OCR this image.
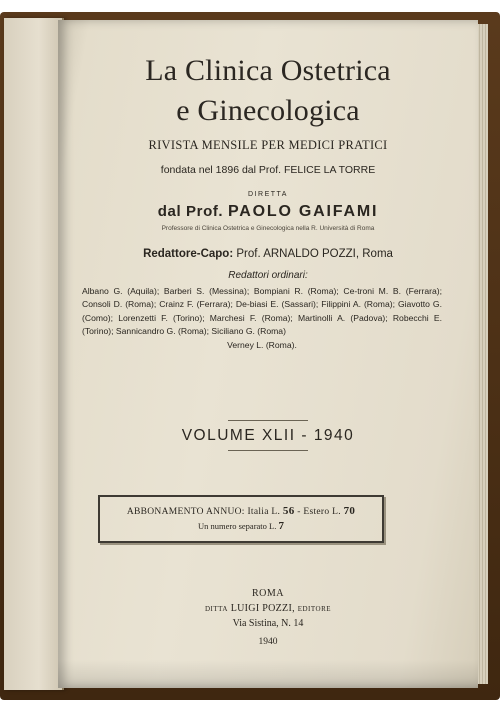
La Clinica Ostetrica
e Ginecologica
RIVISTA MENSILE PER MEDICI PRATICI
fondata nel 1896 dal Prof. FELICE LA TORRE
DIRETTA
dal Prof. PAOLO GAIFAMI
Professore di Clinica Ostetrica e Ginecologica nella R. Università di Roma
Redattore-Capo: Prof. ARNALDO POZZI, Roma
Redattori ordinari:
Albano G. (Aquila); Barberi S. (Messina); Bompiani R. (Roma); Ce-troni M. B. (Ferrara); Consoli D. (Roma); Crainz F. (Ferrara); De-biasi E. (Sassari); Filippini A. (Roma); Giavotto G. (Como); Lorenzetti F. (Torino); Marchesi F. (Roma); Martinolli A. (Padova); Robecchi E. (Torino); Sannicandro G. (Roma); Siciliano G. (Roma)
Verney L. (Roma).
VOLUME XLII - 1940
ABBONAMENTO ANNUO: Italia L. 56 - Estero L. 70
Un numero separato L. 7
ROMA
DITTA LUIGI POZZI, EDITORE
Via Sistina, N. 14
1940
